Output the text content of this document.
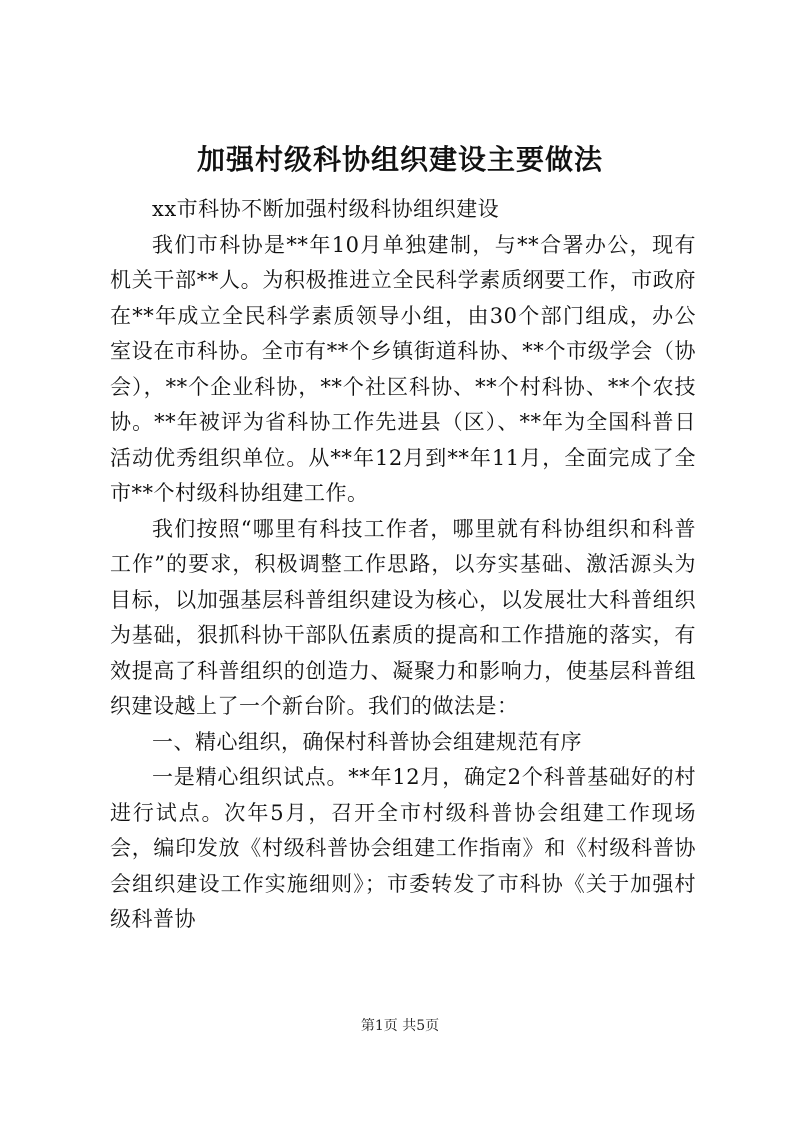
加强村级科协组织建设主要做法

xx市科协不断加强村级科协组织建设

我们市科协是**年10月单独建制，与**合署办公，现有机关干部**人。为积极推进立全民科学素质纲要工作，市政府在**年成立全民科学素质领导小组，由30个部门组成，办公室设在市科协。全市有**个乡镇街道科协、**个市级学会（协会），**个企业科协，**个社区科协、**个村科协、**个农技协。**年被评为省科协工作先进县（区）、**年为全国科普日活动优秀组织单位。从**年12月到**年11月，全面完成了全市**个村级科协组建工作。

我们按照“哪里有科技工作者，哪里就有科协组织和科普工作”的要求，积极调整工作思路，以夯实基础、激活源头为目标，以加强基层科普组织建设为核心，以发展壮大科普组织为基础，狠抓科协干部队伍素质的提高和工作措施的落实，有效提高了科普组织的创造力、凝聚力和影响力，使基层科普组织建设越上了一个新台阶。我们的做法是：

一、精心组织，确保村科普协会组建规范有序

一是精心组织试点。**年12月，确定2个科普基础好的村进行试点。次年5月，召开全市村级科普协会组建工作现场会，编印发放《村级科普协会组建工作指南》和《村级科普协会组织建设工作实施细则》；市委转发了市科协《关于加强村级科普协

第1页 共5页
